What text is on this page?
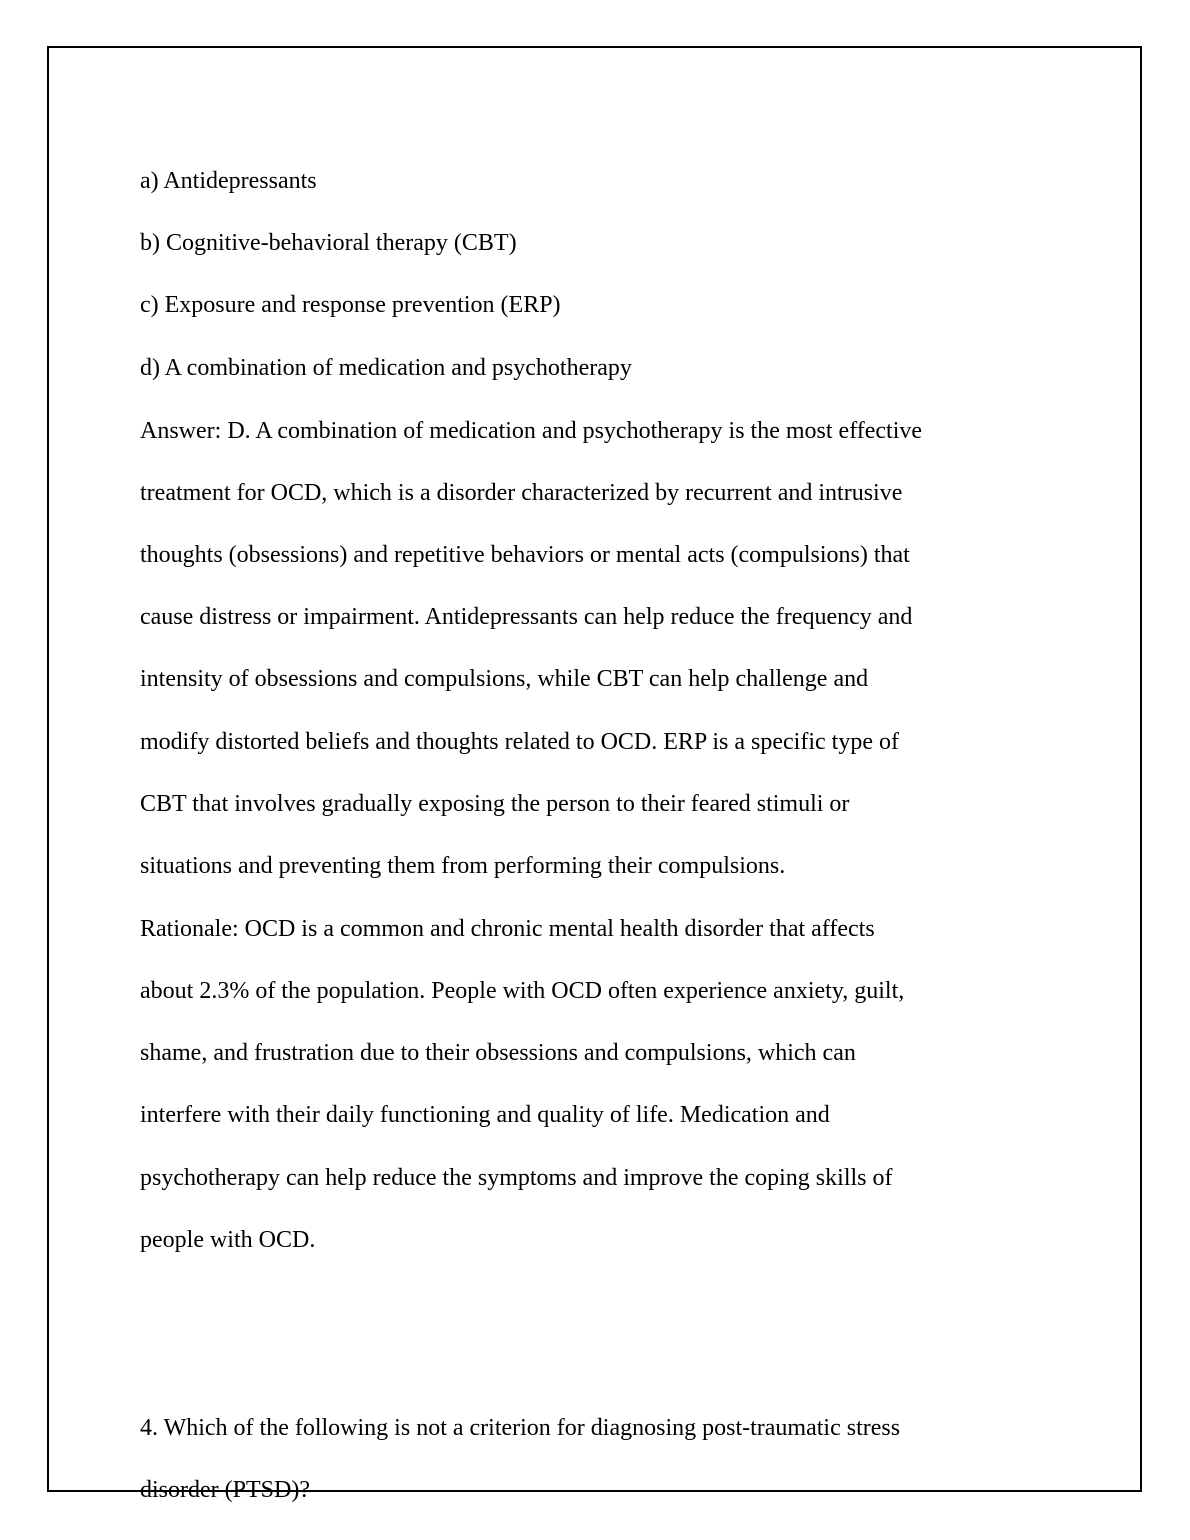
a) Antidepressants
b) Cognitive-behavioral therapy (CBT)
c) Exposure and response prevention (ERP)
d) A combination of medication and psychotherapy
Answer: D. A combination of medication and psychotherapy is the most effective
treatment for OCD, which is a disorder characterized by recurrent and intrusive
thoughts (obsessions) and repetitive behaviors or mental acts (compulsions) that
cause distress or impairment. Antidepressants can help reduce the frequency and
intensity of obsessions and compulsions, while CBT can help challenge and
modify distorted beliefs and thoughts related to OCD. ERP is a specific type of
CBT that involves gradually exposing the person to their feared stimuli or
situations and preventing them from performing their compulsions.
Rationale: OCD is a common and chronic mental health disorder that affects
about 2.3% of the population. People with OCD often experience anxiety, guilt,
shame, and frustration due to their obsessions and compulsions, which can
interfere with their daily functioning and quality of life. Medication and
psychotherapy can help reduce the symptoms and improve the coping skills of
people with OCD.
4. Which of the following is not a criterion for diagnosing post-traumatic stress
disorder (PTSD)?
